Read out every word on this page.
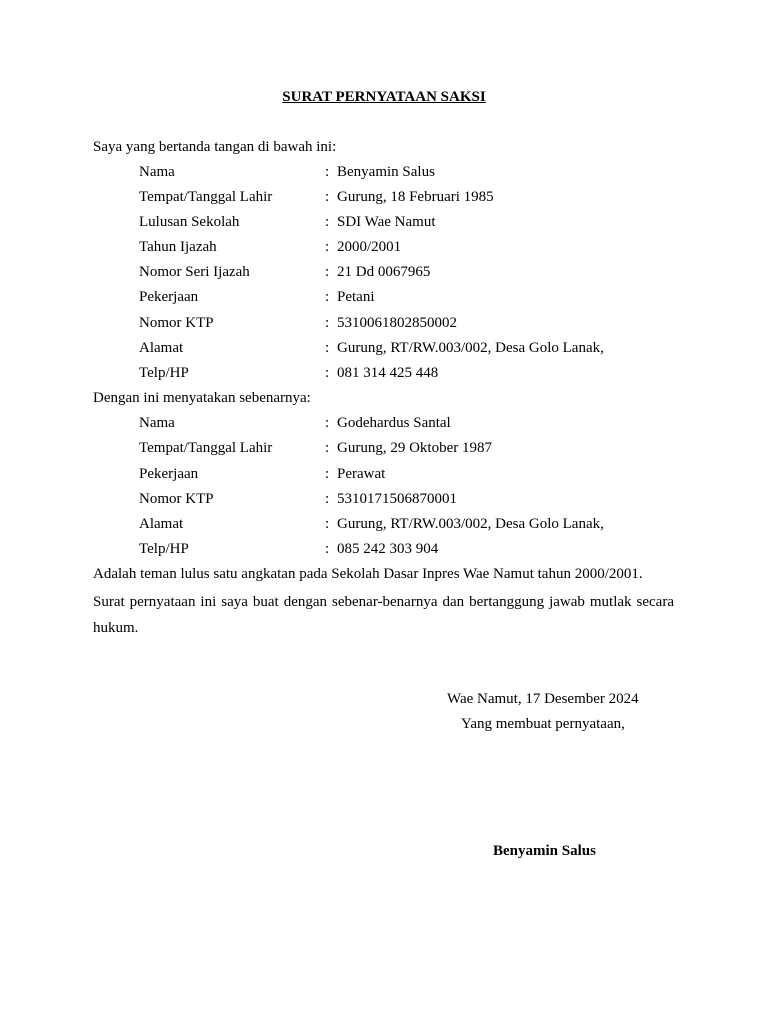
SURAT PERNYATAAN SAKSI
Saya yang bertanda tangan di bawah ini:
Nama	: Benyamin Salus
Tempat/Tanggal Lahir	: Gurung, 18 Februari 1985
Lulusan Sekolah	: SDI Wae Namut
Tahun Ijazah	: 2000/2001
Nomor Seri Ijazah	: 21 Dd 0067965
Pekerjaan	: Petani
Nomor KTP	: 5310061802850002
Alamat	: Gurung, RT/RW.003/002, Desa Golo Lanak,
Telp/HP	: 081 314 425 448
Dengan ini menyatakan sebenarnya:
Nama	: Godehardus Santal
Tempat/Tanggal Lahir	: Gurung, 29 Oktober 1987
Pekerjaan	: Perawat
Nomor KTP	: 5310171506870001
Alamat	: Gurung, RT/RW.003/002, Desa Golo Lanak,
Telp/HP	: 085 242 303 904
Adalah teman lulus satu angkatan pada Sekolah Dasar Inpres Wae Namut tahun 2000/2001.
Surat pernyataan ini saya buat dengan sebenar-benarnya dan bertanggung jawab mutlak secara hukum.
Wae Namut, 17 Desember 2024
Yang membuat pernyataan,
Benyamin Salus
